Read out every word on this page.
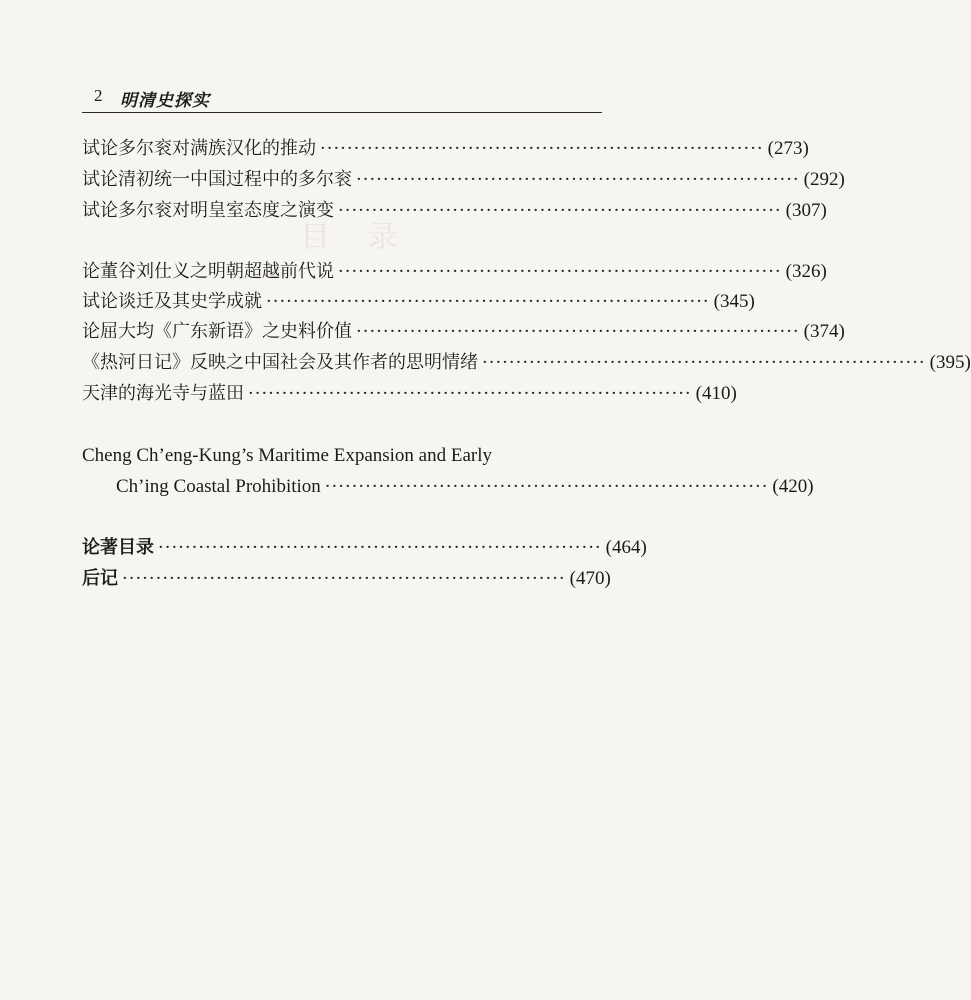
目 录
2 明清史探实
试论多尔衮对满族汉化的推动 ·································································· (273)
试论清初统一中国过程中的多尔衮 ·································································· (292)
试论多尔衮对明皇室态度之演变 ·································································· (307)
论董谷刘仕义之明朝超越前代说 ·································································· (326)
试论谈迁及其史学成就 ·································································· (345)
论屈大均《广东新语》之史料价值 ·································································· (374)
《热河日记》反映之中国社会及其作者的思明情绪 ·································································· (395)
天津的海光寺与蓝田 ·································································· (410)
Cheng Ch’eng-Kung’s Maritime Expansion and Early
Ch’ing Coastal Prohibition ·································································· (420)
论著目录 ·································································· (464)
后记 ·································································· (470)
